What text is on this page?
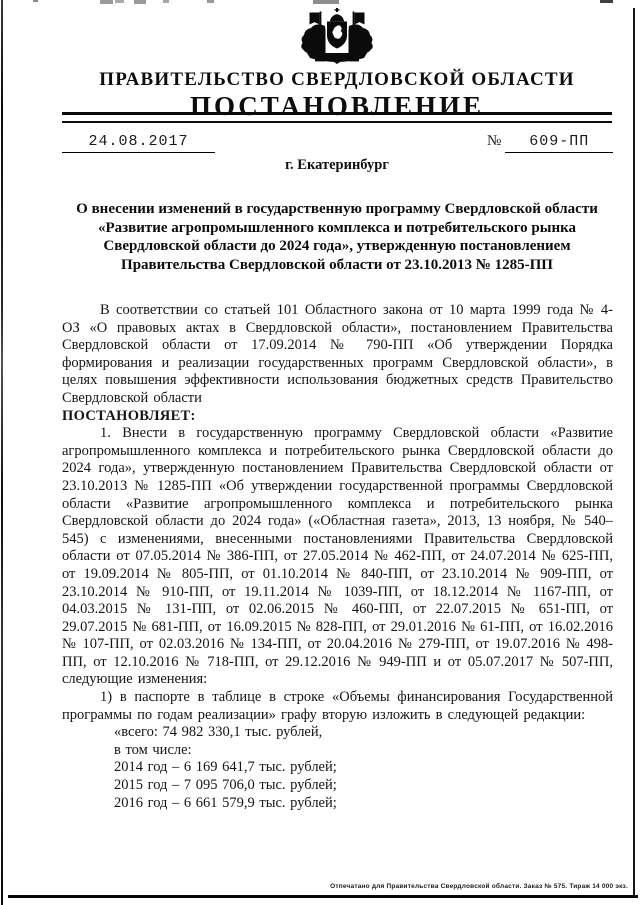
ПРАВИТЕЛЬСТВО СВЕРДЛОВСКОЙ ОБЛАСТИ
ПОСТАНОВЛЕНИЕ
24.08.2017	№ 609-ПП
г. Екатеринбург
О внесении изменений в государственную программу Свердловской области
«Развитие агропромышленного комплекса и потребительского рынка
Свердловской области до 2024 года», утвержденную постановлением
Правительства Свердловской области от 23.10.2013 № 1285-ПП

В соответствии со статьей 101 Областного закона от 10 марта 1999 года № 4-ОЗ «О правовых актах в Свердловской области», постановлением Правительства Свердловской области от 17.09.2014 № 790-ПП «Об утверждении Порядка формирования и реализации государственных программ Свердловской области», в целях повышения эффективности использования бюджетных средств Правительство Свердловской области

ПОСТАНОВЛЯЕТ:

1. Внести в государственную программу Свердловской области «Развитие агропромышленного комплекса и потребительского рынка Свердловской области до 2024 года», утвержденную постановлением Правительства Свердловской области от 23.10.2013 № 1285-ПП «Об утверждении государственной программы Свердловской области «Развитие агропромышленного комплекса и потребительского рынка Свердловской области до 2024 года» («Областная газета», 2013, 13 ноября, № 540–545) с изменениями, внесенными постановлениями Правительства Свердловской области от 07.05.2014 № 386-ПП, от 27.05.2014 № 462-ПП, от 24.07.2014 № 625-ПП, от 19.09.2014 № 805-ПП, от 01.10.2014 № 840-ПП, от 23.10.2014 № 909-ПП, от 23.10.2014 № 910-ПП, от 19.11.2014 № 1039-ПП, от 18.12.2014 № 1167-ПП, от 04.03.2015 № 131-ПП, от 02.06.2015 № 460-ПП, от 22.07.2015 № 651-ПП, от 29.07.2015 № 681-ПП, от 16.09.2015 № 828-ПП, от 29.01.2016 № 61-ПП, от 16.02.2016 № 107-ПП, от 02.03.2016 № 134-ПП, от 20.04.2016 № 279-ПП, от 19.07.2016 № 498-ПП, от 12.10.2016 № 718-ПП, от 29.12.2016 № 949-ПП и от 05.07.2017 № 507-ПП, следующие изменения:

1) в паспорте в таблице в строке «Объемы финансирования Государственной программы по годам реализации» графу вторую изложить в следующей редакции:

«всего: 74 982 330,1 тыс. рублей,
в том числе:
2014 год – 6 169 641,7 тыс. рублей;
2015 год – 7 095 706,0 тыс. рублей;
2016 год – 6 661 579,9 тыс. рублей;
Отпечатано для Правительства Свердловской области. Заказ № 575. Тираж 14 000 экз.
